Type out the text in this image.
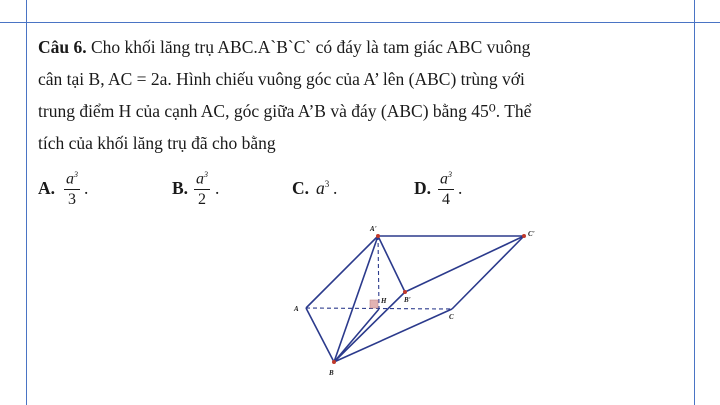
Câu 6. Cho khối lăng trụ ABC.A`B`C` có đáy là tam giác ABC vuông

cân tại B, AC = 2a. Hình chiếu vuông góc của A’ lên (ABC) trùng với

trung điểm H của cạnh AC, góc giữa A’B và đáy (ABC) bằng 45⁰. Thể

tích của khối lăng trụ đã cho bằng

A. $a^3$
3
.	B. $a^3$
2
.	C. $a^3$ .	D. $a^3$
4
.
A'
C'
A
B'
H
C
B
